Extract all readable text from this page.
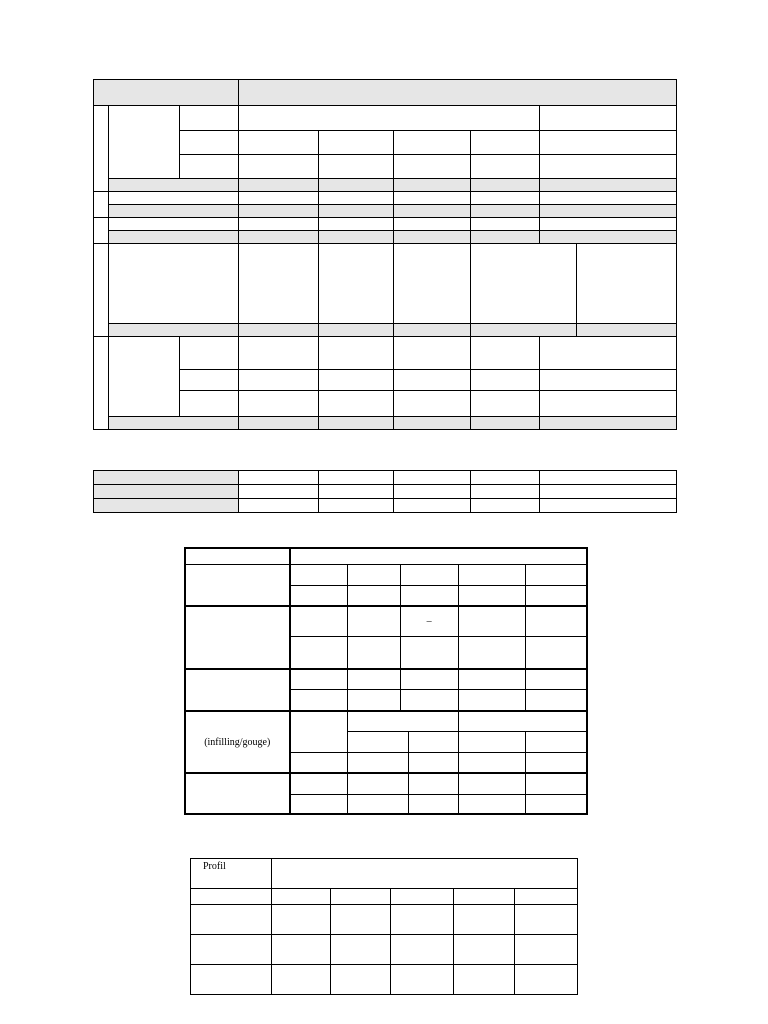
			–			

(infilling/gouge)						

Profil					
